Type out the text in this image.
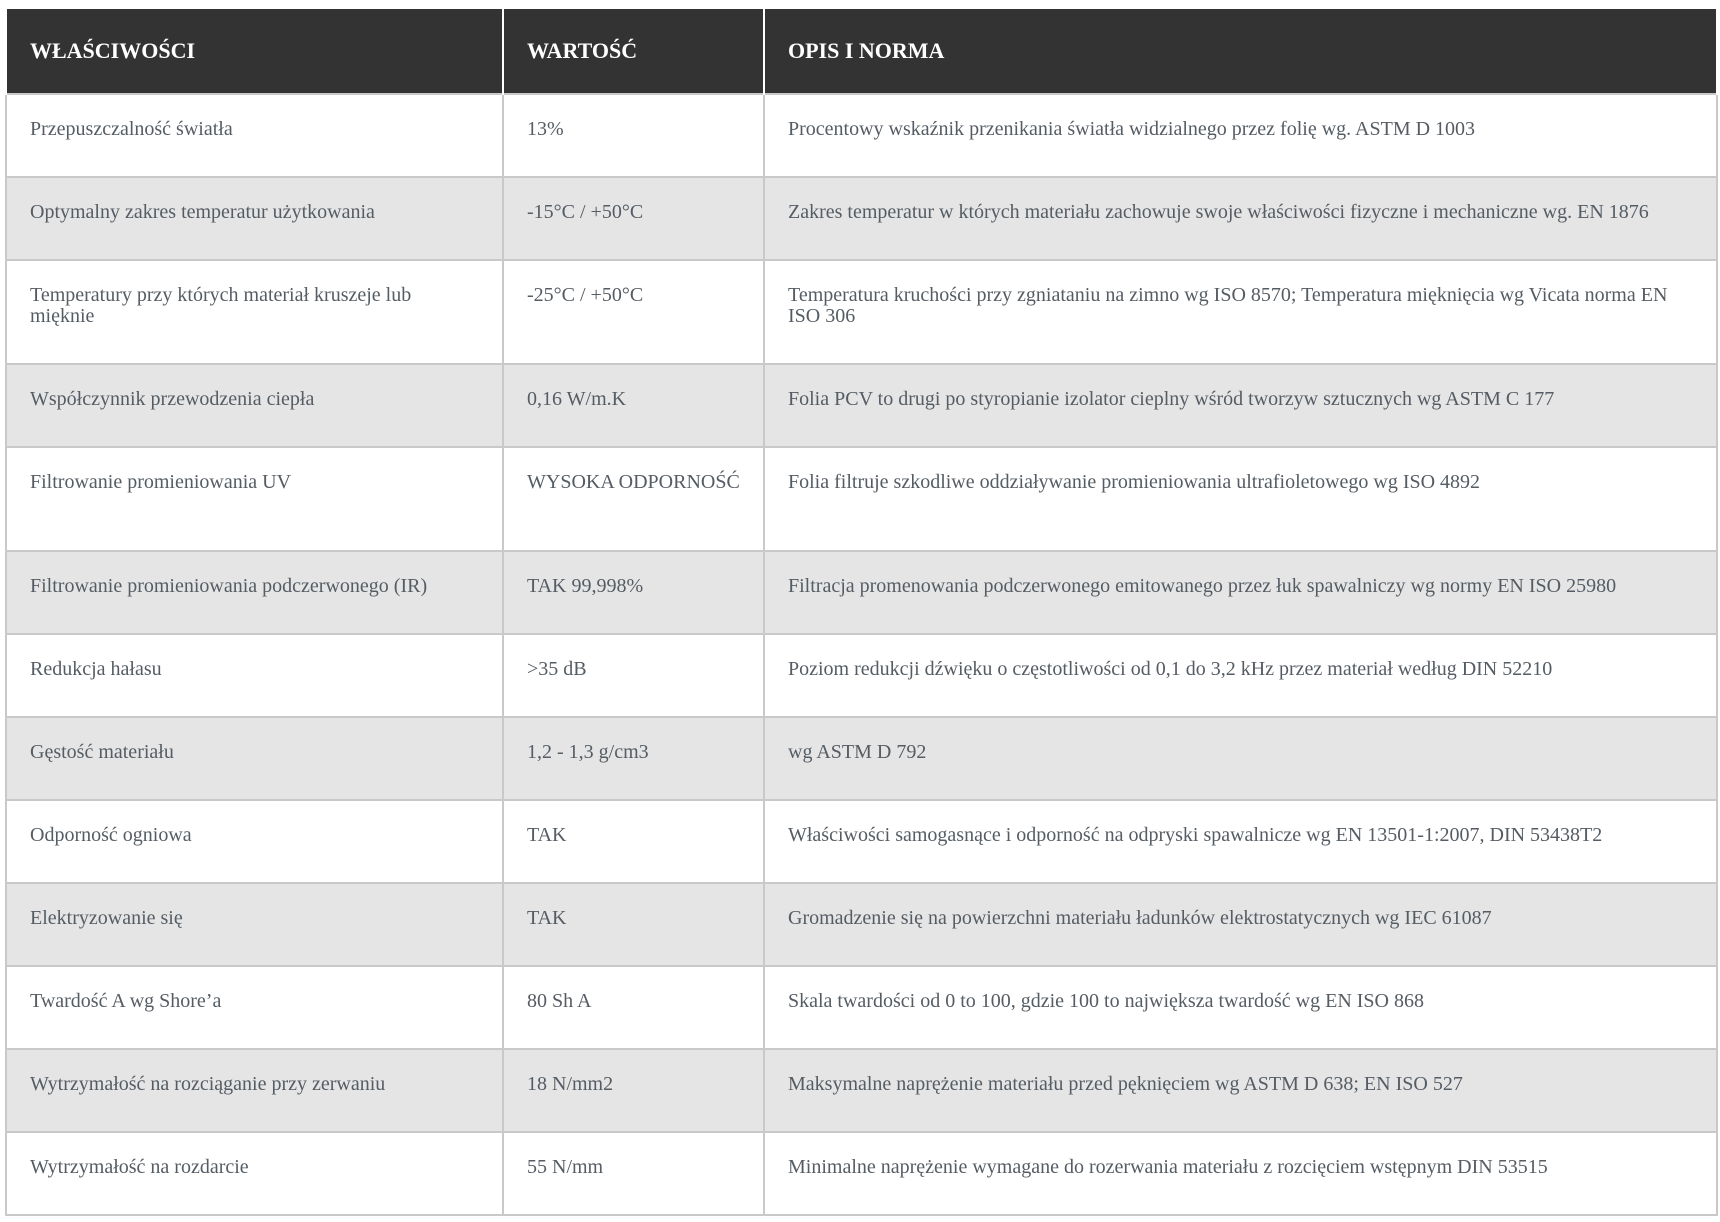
WŁAŚCIWOŚCI	WARTOŚĆ	OPIS I NORMA
Przepuszczalność światła	13%	Procentowy wskaźnik przenikania światła widzialnego przez folię wg. ASTM D 1003
Optymalny zakres temperatur użytkowania	-15°C / +50°C	Zakres temperatur w których materiału zachowuje swoje właściwości fizyczne i mechaniczne wg. EN 1876
Temperatury przy których materiał kruszeje lub mięknie	-25°C / +50°C	Temperatura kruchości przy zgniataniu na zimno wg ISO 8570; Temperatura mięknięcia wg Vicata norma EN ISO 306
Współczynnik przewodzenia ciepła	0,16 W/m.K	Folia PCV to drugi po styropianie izolator cieplny wśród tworzyw sztucznych wg ASTM C 177
Filtrowanie promieniowania UV	WYSOKA ODPORNOŚĆ	Folia filtruje szkodliwe oddziaływanie promieniowania ultrafioletowego wg ISO 4892
Filtrowanie promieniowania podczerwonego (IR)	TAK 99,998%	Filtracja promenowania podczerwonego emitowanego przez łuk spawalniczy wg normy EN ISO 25980
Redukcja hałasu	>35 dB	Poziom redukcji dźwięku o częstotliwości od 0,1 do 3,2 kHz przez materiał według DIN 52210
Gęstość materiału	1,2 - 1,3 g/cm3	wg ASTM D 792
Odporność ogniowa	TAK	Właściwości samogasnące i odporność na odpryski spawalnicze wg EN 13501-1:2007, DIN 53438T2
Elektryzowanie się	TAK	Gromadzenie się na powierzchni materiału ładunków elektrostatycznych wg IEC 61087
Twardość A wg Shore’a	80 Sh A	Skala twardości od 0 to 100, gdzie 100 to największa twardość wg EN ISO 868
Wytrzymałość na rozciąganie przy zerwaniu	18 N/mm2	Maksymalne naprężenie materiału przed pęknięciem wg ASTM D 638; EN ISO 527
Wytrzymałość na rozdarcie	55 N/mm	Minimalne naprężenie wymagane do rozerwania materiału z rozcięciem wstępnym DIN 53515
